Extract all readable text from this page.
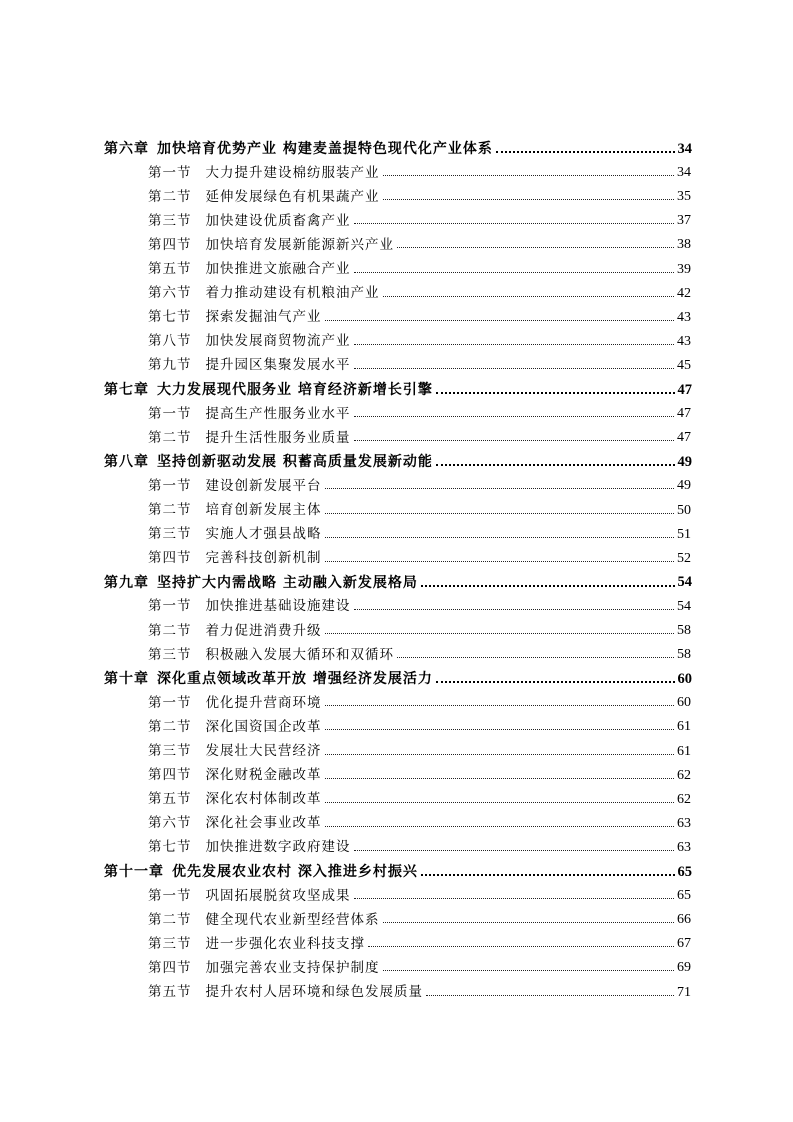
第六章 加快培育优势产业 构建麦盖提特色现代化产业体系	34
第一节 大力提升建设棉纺服装产业	34
第二节 延伸发展绿色有机果蔬产业	35
第三节 加快建设优质畜禽产业	37
第四节 加快培育发展新能源新兴产业	38
第五节 加快推进文旅融合产业	39
第六节 着力推动建设有机粮油产业	42
第七节 探索发掘油气产业	43
第八节 加快发展商贸物流产业	43
第九节 提升园区集聚发展水平	45
第七章 大力发展现代服务业 培育经济新增长引擎	47
第一节 提高生产性服务业水平	47
第二节 提升生活性服务业质量	47
第八章 坚持创新驱动发展 积蓄高质量发展新动能	49
第一节 建设创新发展平台	49
第二节 培育创新发展主体	50
第三节 实施人才强县战略	51
第四节 完善科技创新机制	52
第九章 坚持扩大内需战略 主动融入新发展格局	54
第一节 加快推进基础设施建设	54
第二节 着力促进消费升级	58
第三节 积极融入发展大循环和双循环	58
第十章 深化重点领域改革开放 增强经济发展活力	60
第一节 优化提升营商环境	60
第二节 深化国资国企改革	61
第三节 发展壮大民营经济	61
第四节 深化财税金融改革	62
第五节 深化农村体制改革	62
第六节 深化社会事业改革	63
第七节 加快推进数字政府建设	63
第十一章 优先发展农业农村 深入推进乡村振兴	65
第一节 巩固拓展脱贫攻坚成果	65
第二节 健全现代农业新型经营体系	66
第三节 进一步强化农业科技支撑	67
第四节 加强完善农业支持保护制度	69
第五节 提升农村人居环境和绿色发展质量	71
